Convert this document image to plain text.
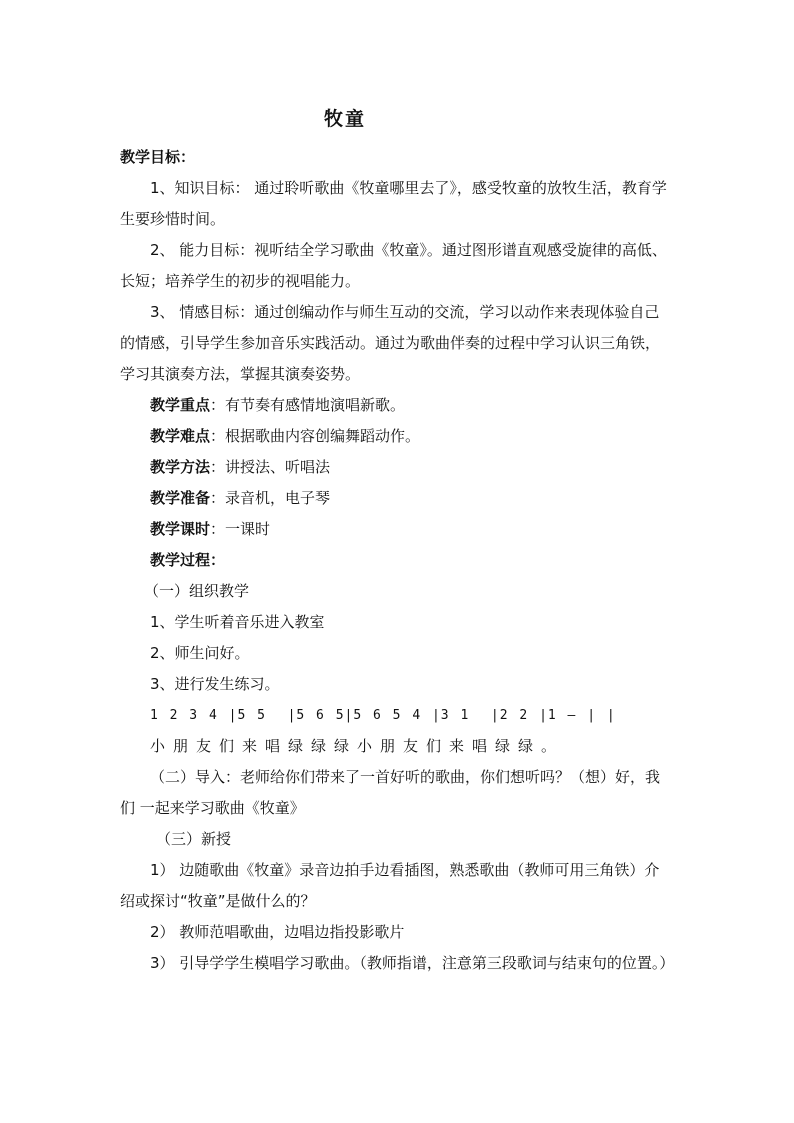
牧童

教学目标：

1、知识目标： 通过聆听歌曲《牧童哪里去了》，感受牧童的放牧生活，教育学生要珍惜时间。

2、 能力目标：视听结全学习歌曲《牧童》。通过图形谱直观感受旋律的高低、长短；培养学生的初步的视唱能力。

3、 情感目标：通过创编动作与师生互动的交流，学习以动作来表现体验自己的情感，引导学生参加音乐实践活动。通过为歌曲伴奏的过程中学习认识三角铁，学习其演奏方法，掌握其演奏姿势。

教学重点：有节奏有感情地演唱新歌。

教学难点：根据歌曲内容创编舞蹈动作。

教学方法：讲授法、听唱法

教学准备：录音机，电子琴

教学课时：一课时

教学过程：

（一）组织教学

1、学生听着音乐进入教室

2、师生问好。

3、进行发生练习。

1 2 3 4 |5 5  |5 6 5|5 6 5 4 |3 1  |2 2 |1 — | |

小朋友们来唱绿绿绿小朋友们来唱绿绿。

（二）导入：老师给你们带来了一首好听的歌曲，你们想听吗？（想）好，我们 一起来学习歌曲《牧童》

（三）新授

1） 边随歌曲《牧童》录音边拍手边看插图，熟悉歌曲（教师可用三角铁）介绍或探讨“牧童”是做什么的？

2） 教师范唱歌曲，边唱边指投影歌片

3） 引导学学生模唱学习歌曲。（教师指谱，注意第三段歌词与结束句的位置。）
